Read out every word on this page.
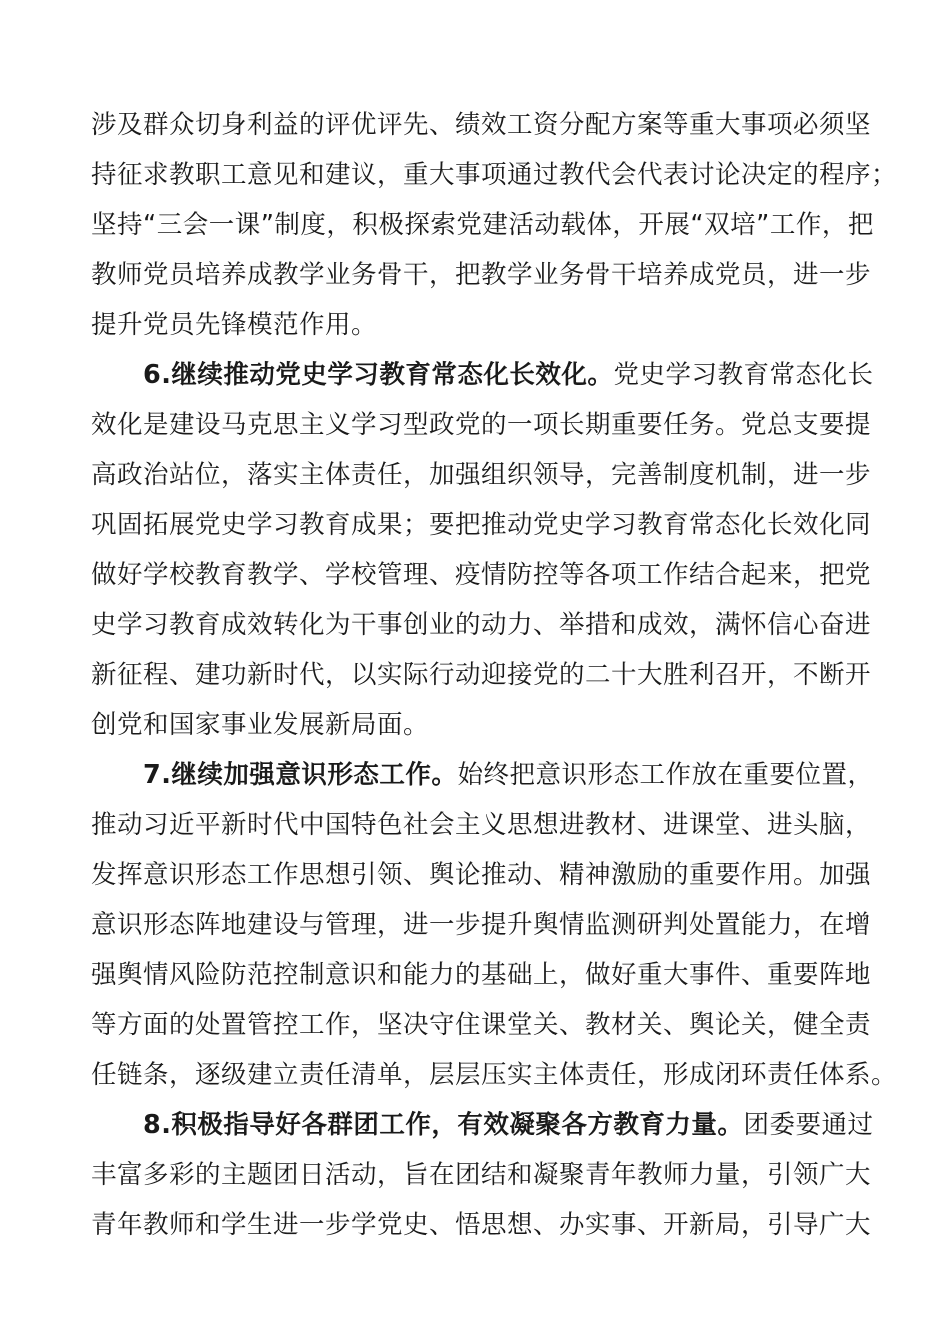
涉及群众切身利益的评优评先、绩效工资分配方案等重大事项必须坚
持征求教职工意见和建议，重大事项通过教代会代表讨论决定的程序；
坚持“三会一课”制度，积极探索党建活动载体，开展“双培”工作，把
教师党员培养成教学业务骨干，把教学业务骨干培养成党员，进一步
提升党员先锋模范作用。
6.继续推动党史学习教育常态化长效化。党史学习教育常态化长
效化是建设马克思主义学习型政党的一项长期重要任务。党总支要提
高政治站位，落实主体责任，加强组织领导，完善制度机制，进一步
巩固拓展党史学习教育成果；要把推动党史学习教育常态化长效化同
做好学校教育教学、学校管理、疫情防控等各项工作结合起来，把党
史学习教育成效转化为干事创业的动力、举措和成效，满怀信心奋进
新征程、建功新时代，以实际行动迎接党的二十大胜利召开，不断开
创党和国家事业发展新局面。
7.继续加强意识形态工作。始终把意识形态工作放在重要位置，
推动习近平新时代中国特色社会主义思想进教材、进课堂、进头脑，
发挥意识形态工作思想引领、舆论推动、精神激励的重要作用。加强
意识形态阵地建设与管理，进一步提升舆情监测研判处置能力，在增
强舆情风险防范控制意识和能力的基础上，做好重大事件、重要阵地
等方面的处置管控工作，坚决守住课堂关、教材关、舆论关，健全责
任链条，逐级建立责任清单，层层压实主体责任，形成闭环责任体系。
8.积极指导好各群团工作，有效凝聚各方教育力量。团委要通过
丰富多彩的主题团日活动，旨在团结和凝聚青年教师力量，引领广大
青年教师和学生进一步学党史、悟思想、办实事、开新局，引导广大
